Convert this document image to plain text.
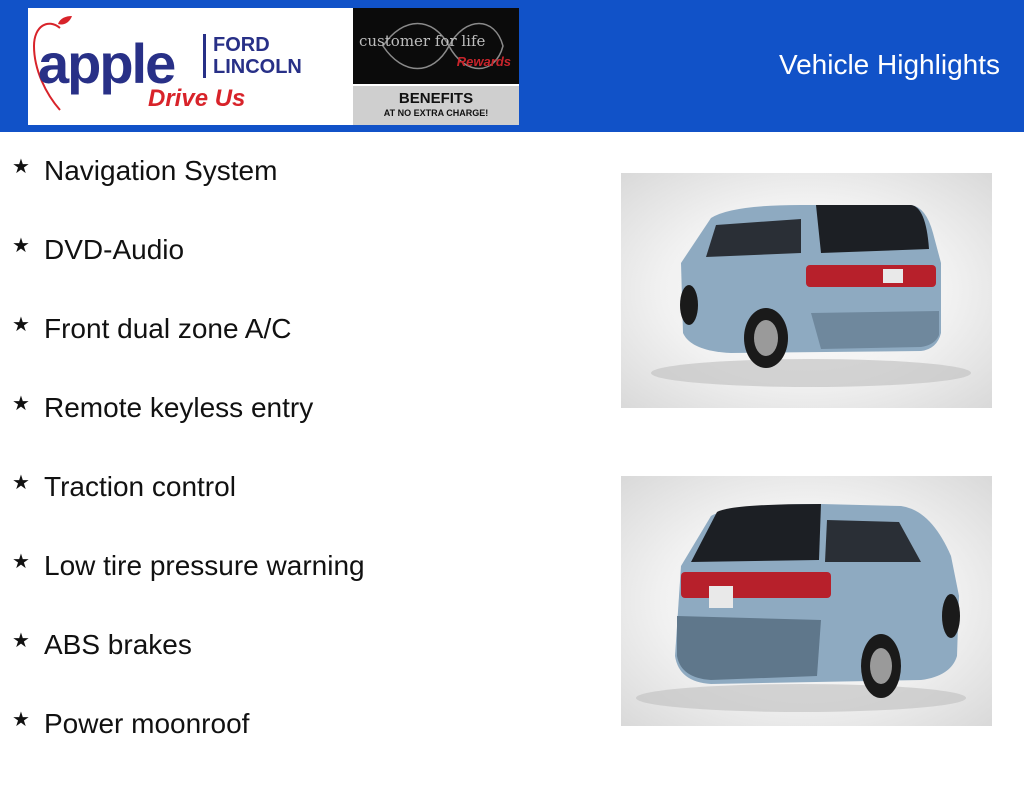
apple FORD
LINCOLN
Drive Us
customer for life
Rewards
BENEFITS
AT NO EXTRA CHARGE!
Vehicle Highlights
★ Navigation System
★ DVD-Audio
★ Front dual zone A/C
★ Remote keyless entry
★ Traction control
★ Low tire pressure warning
★ ABS brakes
★ Power moonroof
